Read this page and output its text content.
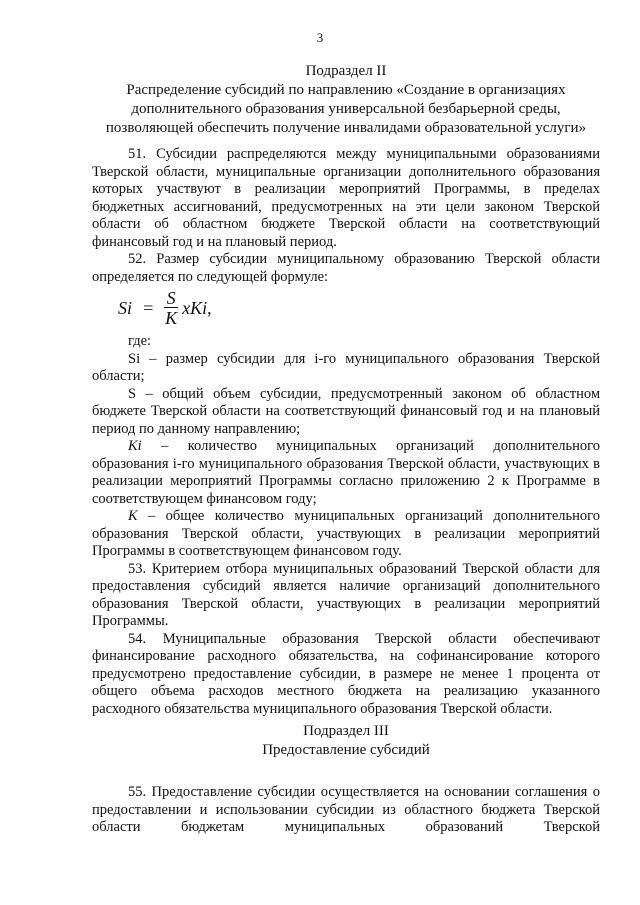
3
Подраздел II
Распределение субсидий по направлению «Создание в организациях
дополнительного образования универсальной безбарьерной среды,
позволяющей обеспечить получение инвалидами образовательной услуги»

51. Субсидии распределяются между муниципальными образованиями Тверской области, муниципальные организации дополнительного образования которых участвуют в реализации мероприятий Программы, в пределах бюджетных ассигнований, предусмотренных на эти цели законом Тверской области об областном бюджете Тверской области на соответствующий финансовый год и на плановый период.

52. Размер субсидии муниципальному образованию Тверской области определяется по следующей формуле:

$Si = \frac{S}{K}$ xKi ,

где:

Si – размер субсидии для i-го муниципального образования Тверской области;

S – общий объем субсидии, предусмотренный законом об областном бюджете Тверской области на соответствующий финансовый год и на плановый период по данному направлению;

Ki – количество муниципальных организаций дополнительного образования i-го муниципального образования Тверской области, участвующих в реализации мероприятий Программы согласно приложению 2 к Программе в соответствующем финансовом году;

К – общее количество муниципальных организаций дополнительного образования Тверской области, участвующих в реализации мероприятий Программы в соответствующем финансовом году.

53. Критерием отбора муниципальных образований Тверской области для предоставления субсидий является наличие организаций дополнительного образования Тверской области, участвующих в реализации мероприятий Программы.

54. Муниципальные образования Тверской области обеспечивают финансирование расходного обязательства, на софинансирование которого предусмотрено предоставление субсидии, в размере не менее 1 процента от общего объема расходов местного бюджета на реализацию указанного расходного обязательства муниципального образования Тверской области.

Подраздел III
Предоставление субсидий

55. Предоставление субсидии осуществляется на основании соглашения о предоставлении и использовании субсидии из областного бюджета Тверской области бюджетам муниципальных образований Тверской
